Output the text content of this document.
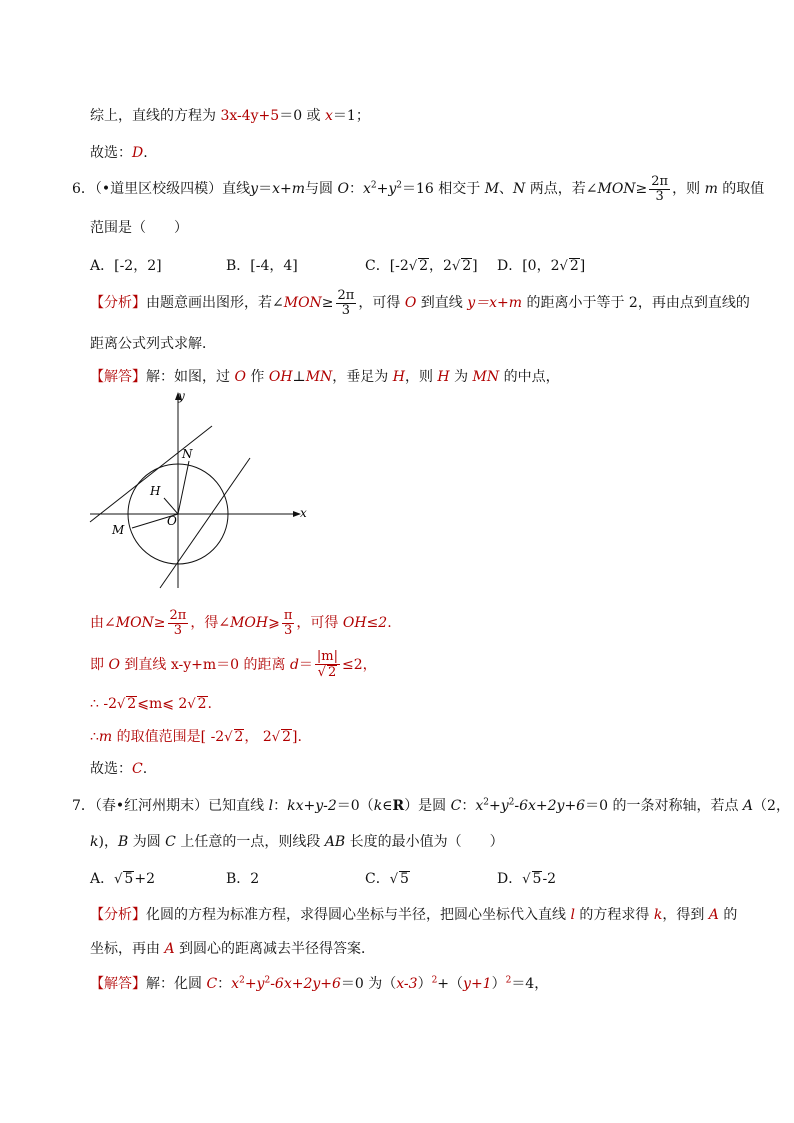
综上，直线的方程为 3x-4y+5＝0 或 x＝1；
故选：D.
6．（•道里区校级四模）直线y＝x+m与圆 O：$x^2+y^2=16$ 相交于 M、N 两点，若∠MON≥ $\frac{2\pi}{3}$ ，则 m 的取值
范围是（　　）
A．[-2，2]	B．[-4，4]	C．[-2√ 2，2√ 2] D．[0，2√ 2]
【分析】由题意画出图形，若∠MON≥ $\frac{2\pi}{3}$ ，可得 O 到直线 y＝x+m 的距离小于等于 2，再由点到直线的
距离公式列式求解．
【解答】解：如图，过 O 作 OH⊥MN，垂足为 H，则 H 为 MN 的中点，
y
x
N
H
O
M
由∠MON≥ $\frac{2\pi}{3}$ ，得∠MOH⩾ $\frac{\pi}{3}$ ，可得 OH≤2.
即 O 到直线 x-y+m＝0 的距离 $d= \frac{|m|}{√ 2} \le 2$，
∴ -2√ 2⩽m⩽ 2√ 2.
∴m 的取值范围是[ -2√ 2， 2√ 2].
故选：C.
7．（春•红河州期末）已知直线 l：kx+y-2＝0（k∈R）是圆 C：$x^2+y^2-6x+2y+6=0$ 的一条对称轴，若点 A（2，
k)，B 为圆 C 上任意的一点，则线段 AB 长度的最小值为（　　）
A．√ 5+2	B．2	C．√ 5	D．√ 5-2
【分析】化圆的方程为标准方程，求得圆心坐标与半径，把圆心坐标代入直线 l 的方程求得 k，得到 A 的
坐标，再由 A 到圆心的距离减去半径得答案．
【解答】解：化圆 C：$x^2+y^2-6x+2y+6=0$ 为$(x-3)^2+(y+1)^2=4$，
